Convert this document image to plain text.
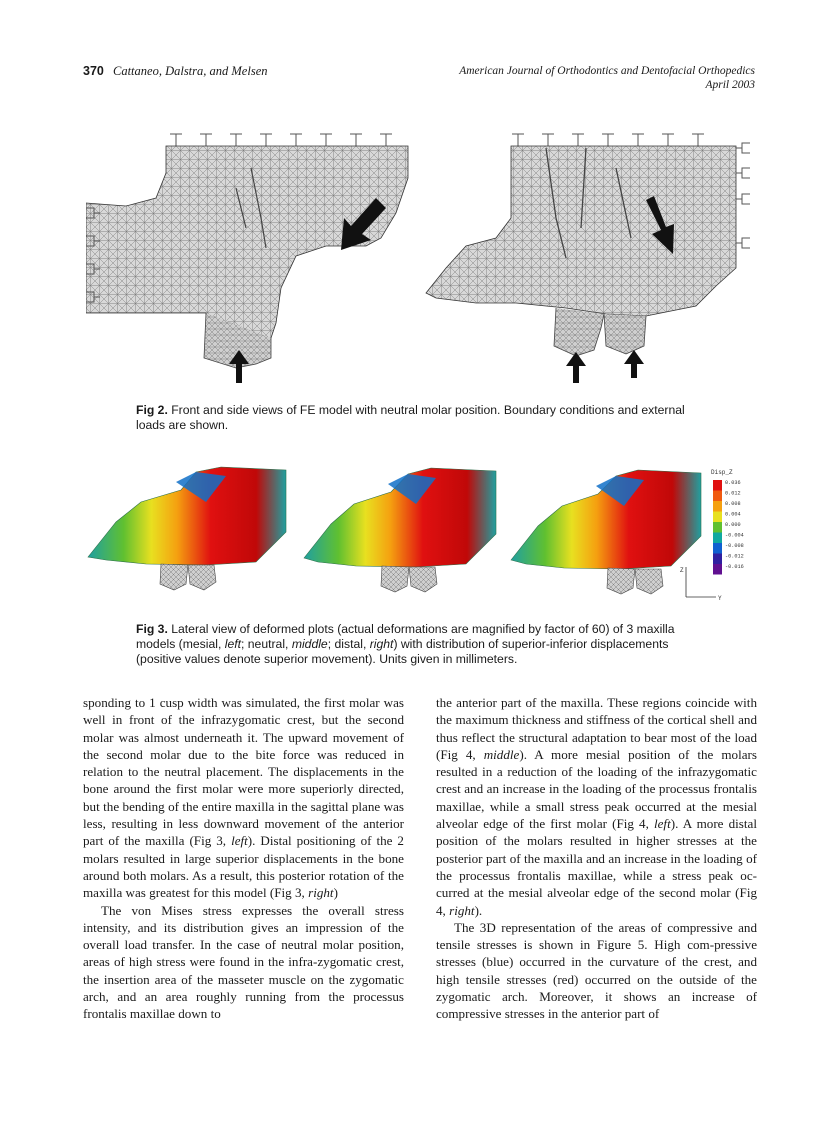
370 Cattaneo, Dalstra, and Melsen	American Journal of Orthodontics and Dentofacial Orthopedics
April 2003
Fig 2. Front and side views of FE model with neutral molar position. Boundary conditions and external loads are shown.
Disp_Z
0.036
0.012
0.008
0.004
0.000
-0.004
-0.008
-0.012
-0.016
Z
Y
Fig 3. Lateral view of deformed plots (actual deformations are magnified by factor of 60) of 3 maxilla models (mesial, left; neutral, middle; distal, right) with distribution of superior-inferior displacements (positive values denote superior movement). Units given in millimeters.

sponding to 1 cusp width was simulated, the first molar was well in front of the infrazygomatic crest, but the second molar was almost underneath it. The upward movement of the second molar due to the bite force was reduced in relation to the neutral placement. The displacements in the bone around the first molar were more superiorly directed, but the bending of the entire maxilla in the sagittal plane was less, resulting in less downward movement of the anterior part of the maxilla (Fig 3, left). Distal positioning of the 2 molars resulted in large superior displacements in the bone around both molars. As a result, this posterior rotation of the maxilla was greatest for this model (Fig 3, right)

The von Mises stress expresses the overall stress intensity, and its distribution gives an impression of the overall load transfer. In the case of neutral molar position, areas of high stress were found in the infra-zygomatic crest, the insertion area of the masseter muscle on the zygomatic arch, and an area roughly running from the processus frontalis maxillae down to

the anterior part of the maxilla. These regions coincide with the maximum thickness and stiffness of the cortical shell and thus reflect the structural adaptation to bear most of the load (Fig 4, middle). A more mesial position of the molars resulted in a reduction of the loading of the infrazygomatic crest and an increase in the loading of the processus frontalis maxillae, while a small stress peak occurred at the mesial alveolar edge of the first molar (Fig 4, left). A more distal position of the molars resulted in higher stresses at the posterior part of the maxilla and an increase in the loading of the processus frontalis maxillae, while a stress peak oc-curred at the mesial alveolar edge of the second molar (Fig 4, right).

The 3D representation of the areas of compressive and tensile stresses is shown in Figure 5. High com-pressive stresses (blue) occurred in the curvature of the crest, and high tensile stresses (red) occurred on the outside of the zygomatic arch. Moreover, it shows an increase of compressive stresses in the anterior part of
